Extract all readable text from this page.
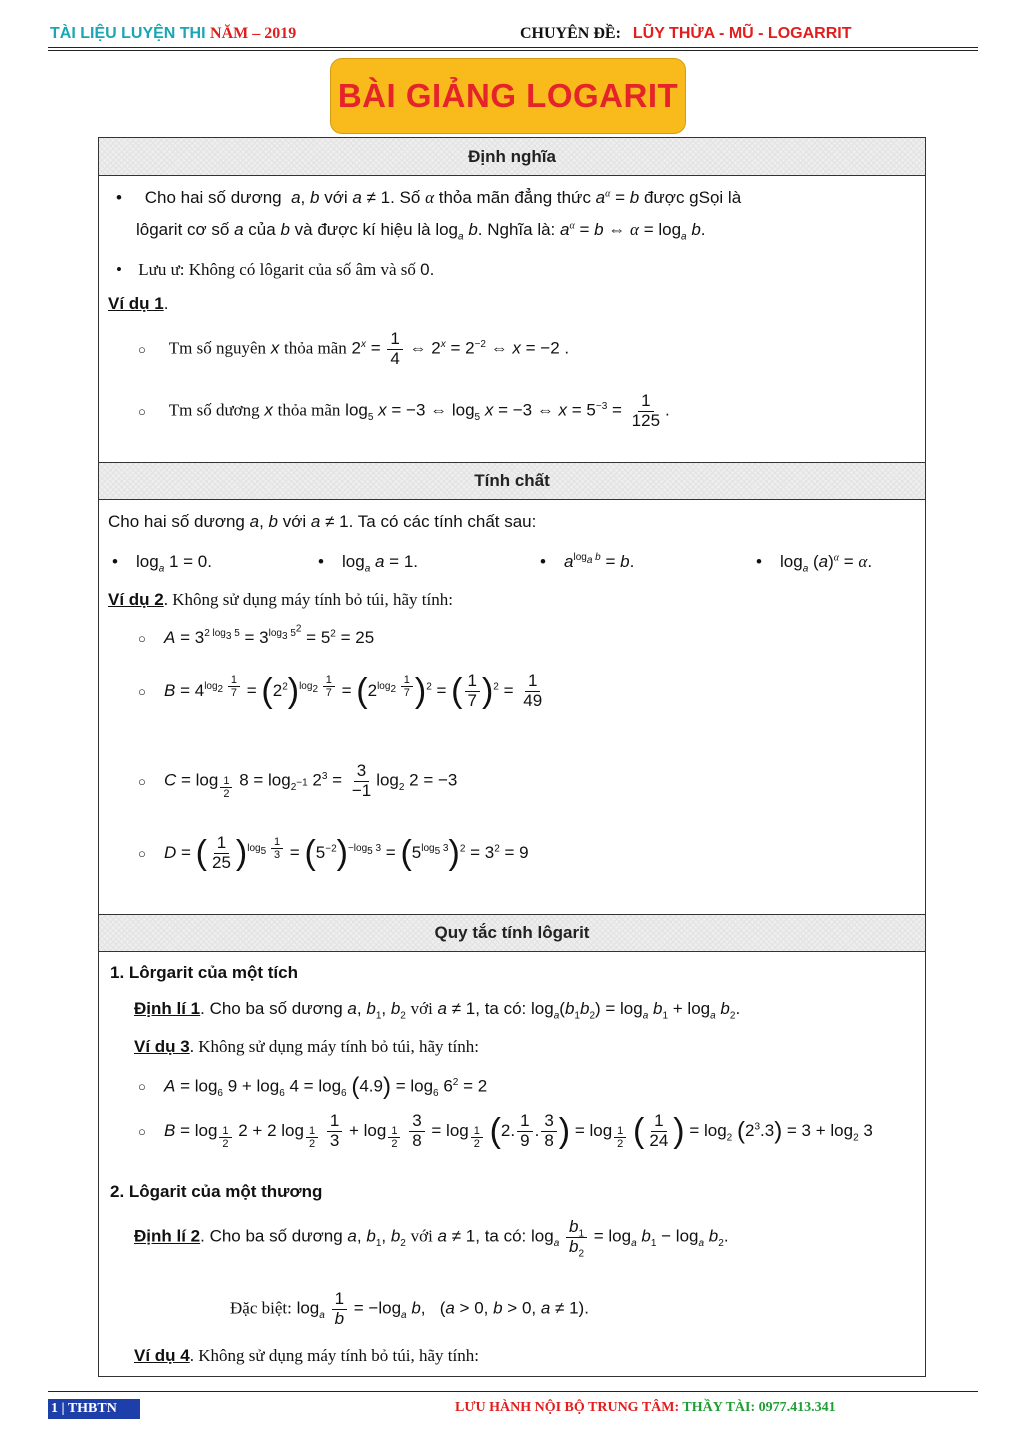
TÀI LIỆU LUYỆN THI NĂM – 2019	CHUYÊN ĐỀ: LŨY THỪA - MŨ - LOGARRIT
BÀI GIẢNG LOGARIT
Định nghĩa
• Cho hai số dương  a, b với a ≠ 1. Số α thỏa mãn đẳng thức $a^\alpha = b$ được gSọi là
lôgarit cơ số a của b và được kí hiệu là $\log_a b$. Nghĩa là: $a^\alpha = b$ ⇔ $\alpha = \log_a b$.
• Lưu ư: Không có lôgarit của số âm và số 0.
Ví dụ 1.
○ Tm số nguyên x thỏa mãn $2^x = \frac{1}{4}$ ⇔ $2^x = 2^{-2}$ ⇔ x = −2 .
○ Tm số dương x thỏa mãn $\log_5 x = -3$ ⇔ $\log_5 x = -3$ ⇔ $x = 5^{-3} = \frac{1}{125}$ .
Tính chất
Cho hai số dương a, b với a ≠ 1. Ta có các tính chất sau:
• $\log_a 1 = 0$.	• $\log_a a = 1$.	• $a^{log_a b} = b$.	• $\log_a (a)^\alpha = \alpha$.
Ví dụ 2. Không sử dụng máy tính bỏ túi, hãy tính:
○ $A = 3^{2 log_3 5} = 3^{log_3 5^2} = 5^2 = 25$
○ $B = 4^{log_2 \frac{1}{7}} = (2^2)^{log_2 \frac{1}{7}} = (2^{log_2 \frac{1}{7}}$ )$^2$ = ( $\frac{1}{7} )^2 = \frac{1}{49}$
○ C = log $_{\frac{1}{2}}$ $8 = \log_{2^{-1}} 2^3 = \frac{3}{-1} \log_2 2 = -3$
○ D = ( $\frac{1}{25} )^{log_5 \frac{1}{3}} = (5^{-2})^{-log_5 3} = (5^{log_5 3})^2 = 3^2 = 9$
Quy tắc tính lôgarit
1. Lôrgarit của một tích
Định lí 1. Cho ba số dương a, $b_1$, $b_2$ với a ≠ 1, ta có: $\log_a(b_1b_2) = \log_a b_1 + \log_a b_2$.
Ví dụ 3. Không sử dụng máy tính bỏ túi, hãy tính:
○ $A = \log_6 9 + \log_6 4 = \log_6 (4.9) = \log_6 6^2 = 2$
○ B = log $_{\frac{1}{2}}$ 2 + 2 log $_{\frac{1}{2}}$
$\frac{1}{3} + \log _{\frac{1}{2}}$
$\frac{3}{8} = \log _{\frac{1}{2}}$ (2. $\frac{1}{9}$ . $\frac{3}{8}$ ) = log $_{\frac{1}{2}}$ ( $\frac{1}{24}$ ) = $\log_2 (2^3.3) = 3 + \log_2 3$
2. Lôgarit của một thương
Định lí 2. Cho ba số dương a, $b_1$, $b_2$ với a ≠ 1, ta có: $\log_a \frac{b_1}{b_2} = \log_a b_1 - \log_a b_2$.
Đặc biệt: $\log_a \frac{1}{b} = -\log_a$ b,   (a > 0, b > 0, a ≠ 1).
Ví dụ 4. Không sử dụng máy tính bỏ túi, hãy tính:
1 | THBTN	LƯU HÀNH NỘI BỘ TRUNG TÂM: THẦY TÀI: 0977.413.341
